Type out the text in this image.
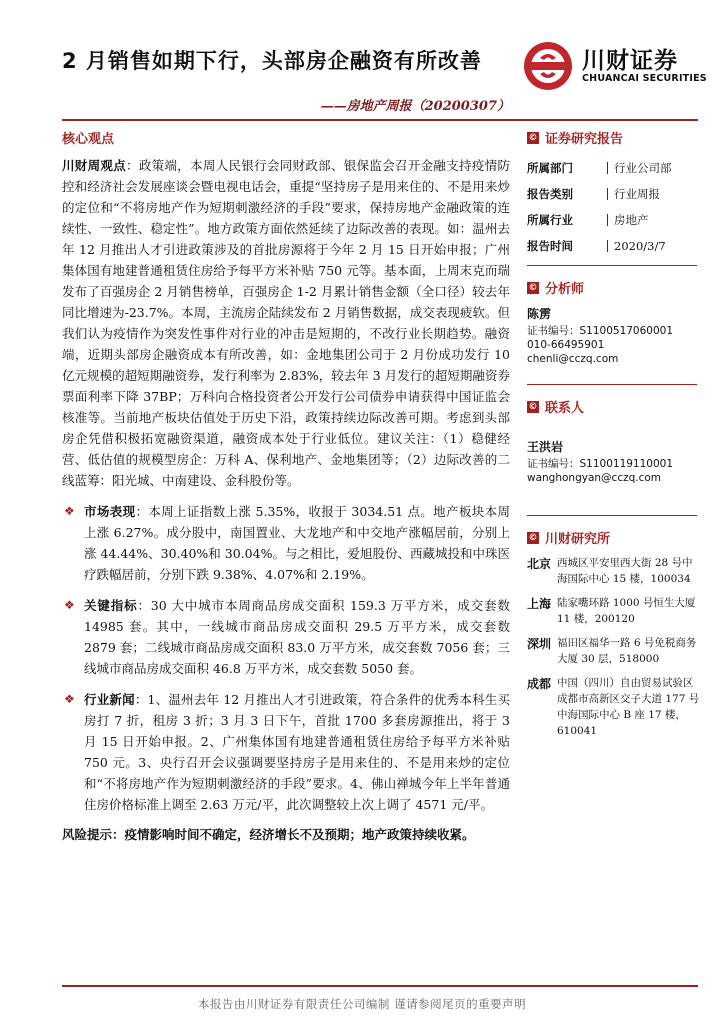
2 月销售如期下行，头部房企融资有所改善
——房地产周报（20200307）
川财证券
CHUANCAI SECURITIES
核心观点
川财周观点：政策端，本周人民银行会同财政部、银保监会召开金融支持疫情防控和经济社会发展座谈会暨电视电话会，重提“坚持房子是用来住的、不是用来炒的定位和“不将房地产作为短期刺激经济的手段”要求，保持房地产金融政策的连续性、一致性、稳定性”。地方政策方面依然延续了边际改善的表现。如：温州去年 12 月推出人才引进政策涉及的首批房源将于今年 2 月 15 日开始申报；广州集体国有地建普通租赁住房给予每平方米补贴 750 元等。基本面，上周末克而瑞发布了百强房企 2 月销售榜单，百强房企 1-2 月累计销售金额（全口径）较去年同比增速为-23.7%。本周，主流房企陆续发布 2 月销售数据，成交表现疲软。但我们认为疫情作为突发性事件对行业的冲击是短期的，不改行业长期趋势。融资端，近期头部房企融资成本有所改善，如：金地集团公司于 2 月份成功发行 10 亿元规模的超短期融资券，发行利率为 2.83%，较去年 3 月发行的超短期融资券票面利率下降 37BP；万科向合格投资者公开发行公司债券申请获得中国证监会核准等。当前地产板块估值处于历史下沿，政策持续边际改善可期。考虑到头部房企凭借积极拓宽融资渠道，融资成本处于行业低位。建议关注：（1）稳健经营、低估值的规模型房企：万科 A、保利地产、金地集团等；（2）边际改善的二线蓝筹：阳光城、中南建设、金科股份等。
❖ 市场表现：本周上证指数上涨 5.35%，收报于 3034.51 点。地产板块本周上涨 6.27%。成分股中，南国置业、大龙地产和中交地产涨幅居前，分别上涨 44.44%、30.40%和 30.04%。与之相比，爱旭股份、西藏城投和中珠医疗跌幅居前，分别下跌 9.38%、4.07%和 2.19%。
❖ 关键指标：30 大中城市本周商品房成交面积 159.3 万平方米，成交套数 14985 套。其中，一线城市商品房成交面积 29.5 万平方米，成交套数 2879 套；二线城市商品房成交面积 83.0 万平方米，成交套数 7056 套；三线城市商品房成交面积 46.8 万平方米，成交套数 5050 套。
❖ 行业新闻：1、温州去年 12 月推出人才引进政策，符合条件的优秀本科生买房打 7 折，租房 3 折；3 月 3 日下午，首批 1700 多套房源推出，将于 3 月 15 日开始申报。2、广州集体国有地建普通租赁住房给予每平方米补贴 750 元。3、央行召开会议强调要坚持房子是用来住的、不是用来炒的定位和“不将房地产作为短期刺激经济的手段”要求。4、佛山禅城今年上半年普通住房价格标准上调至 2.63 万元/平，此次调整较上次上调了 4571 元/平。
风险提示：疫情影响时间不确定，经济增长不及预期；地产政策持续收紧。
© 证券研究报告
所属部门	行业公司部
报告类别	行业周报
所属行业	房地产
报告时间	2020/3/7
© 分析师
陈雳
证书编号：S1100517060001
010-66495901
chenli@cczq.com
© 联系人
王洪岩
证书编号：S1100119110001
wanghongyan@cczq.com
© 川财研究所
北京 西城区平安里西大街 28 号中海国际中心 15 楼，100034
上海 陆家嘴环路 1000 号恒生大厦 11 楼，200120
深圳 福田区福华一路 6 号免税商务大厦 30 层，518000
成都 中国（四川）自由贸易试验区成都市高新区交子大道 177 号中海国际中心 B 座 17 楼，610041
本报告由川财证券有限责任公司编制 谨请参阅尾页的重要声明
